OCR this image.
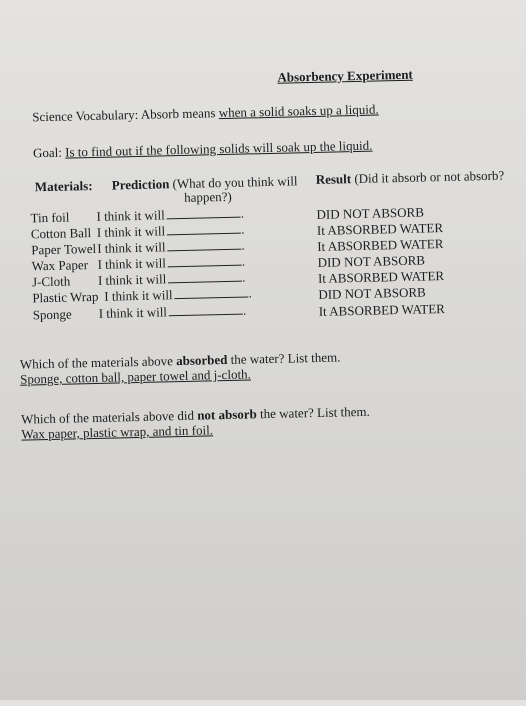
Absorbency Experiment
Science Vocabulary: Absorb means when a solid soaks up a liquid.
Goal: Is to find out if the following solids will soak up the liquid.
Materials: Prediction (What do you think will
happen?)
Result (Did it absorb or not absorb?
Tin foil I think it will	.	DID NOT ABSORB
Cotton Ball I think it will	.	It ABSORBED WATER
Paper Towel I think it will	.	It ABSORBED WATER
Wax Paper I think it will	.	DID NOT ABSORB
J-Cloth I think it will	.	It ABSORBED WATER
Plastic Wrap I think it will	.	DID NOT ABSORB
Sponge I think it will	.	It ABSORBED WATER
Which of the materials above absorbed the water? List them.
Sponge, cotton ball, paper towel and j-cloth.
Which of the materials above did not absorb the water? List them.
Wax paper, plastic wrap, and tin foil.
